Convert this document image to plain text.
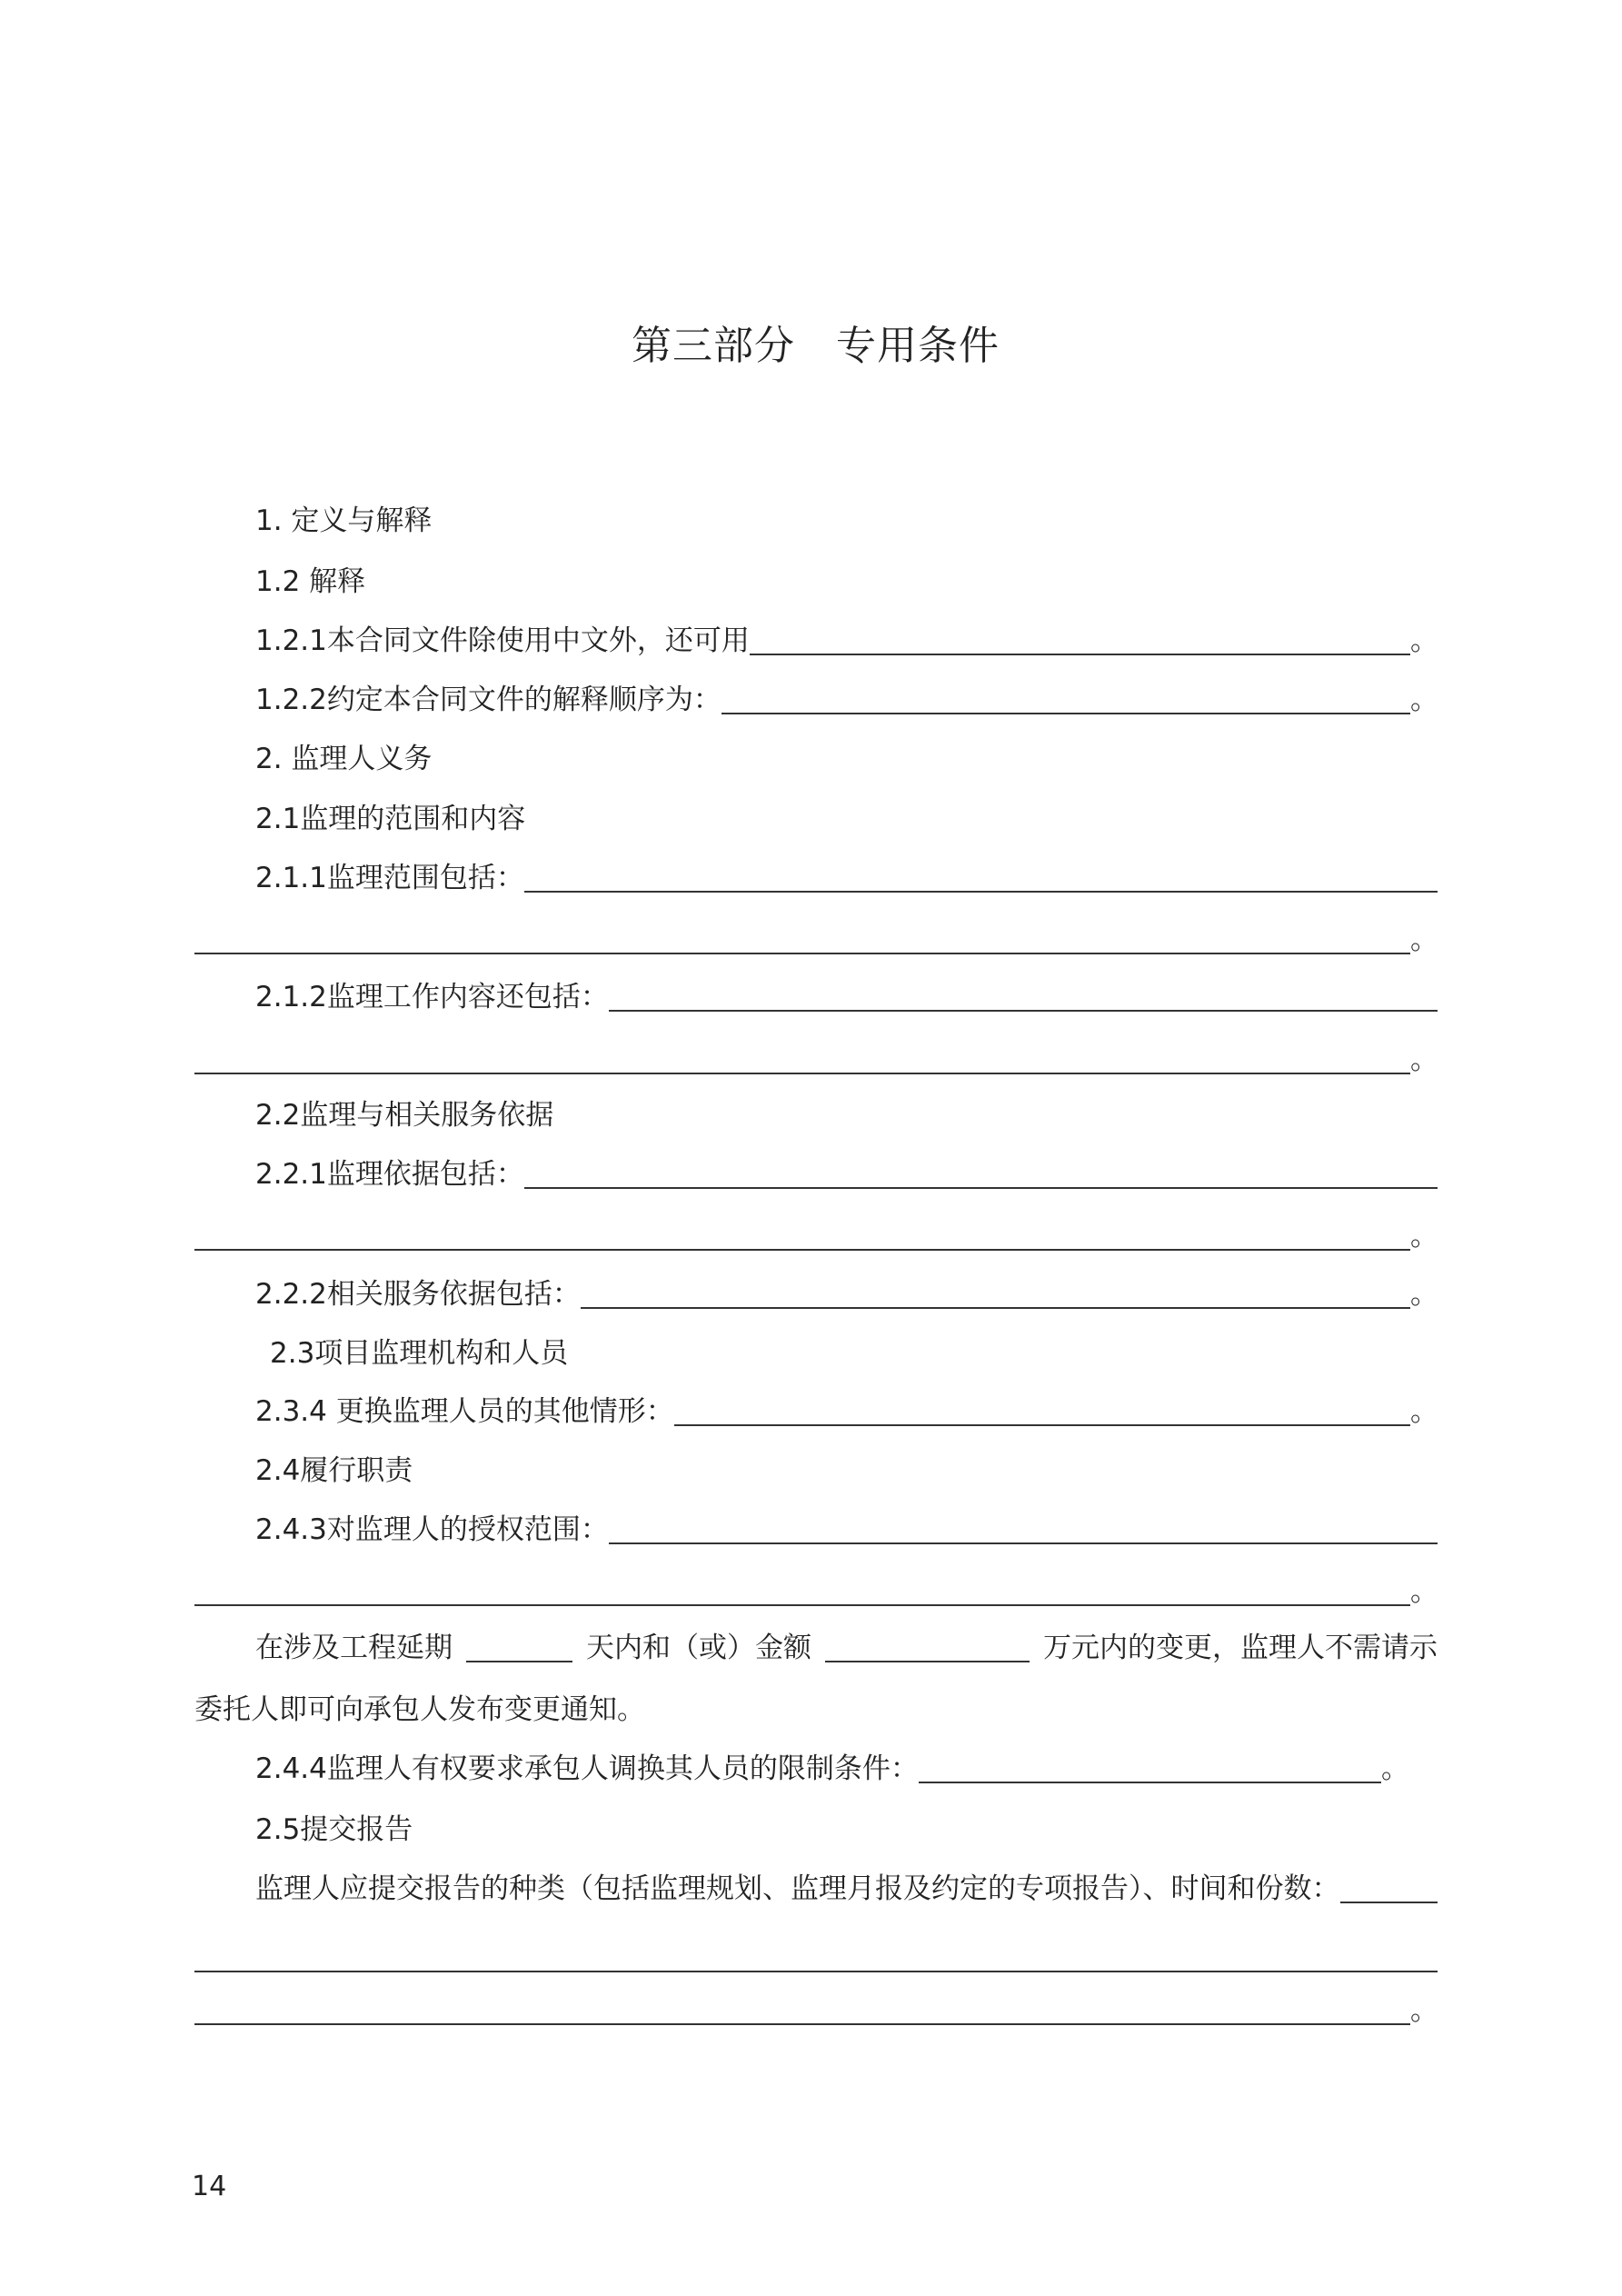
第三部分　专用条件
1. 定义与解释
1.2 解释
1.2.1本合同文件除使用中文外，还可用	。
1.2.2约定本合同文件的解释顺序为：	。
2. 监理人义务
2.1监理的范围和内容
2.1.1监理范围包括：
。
2.1.2监理工作内容还包括：
。
2.2监理与相关服务依据
2.2.1监理依据包括：
。
2.2.2相关服务依据包括：	。
2.3项目监理机构和人员
2.3.4 更换监理人员的其他情形：	。
2.4履行职责
2.4.3对监理人的授权范围：
。
在涉及工程延期	天内和（或）金额	万元内的变更，监理人不需请示
委托人即可向承包人发布变更通知。
2.4.4监理人有权要求承包人调换其人员的限制条件：	。
2.5提交报告
监理人应提交报告的种类（包括监理规划、监理月报及约定的专项报告）、时间和份数：
。
14
